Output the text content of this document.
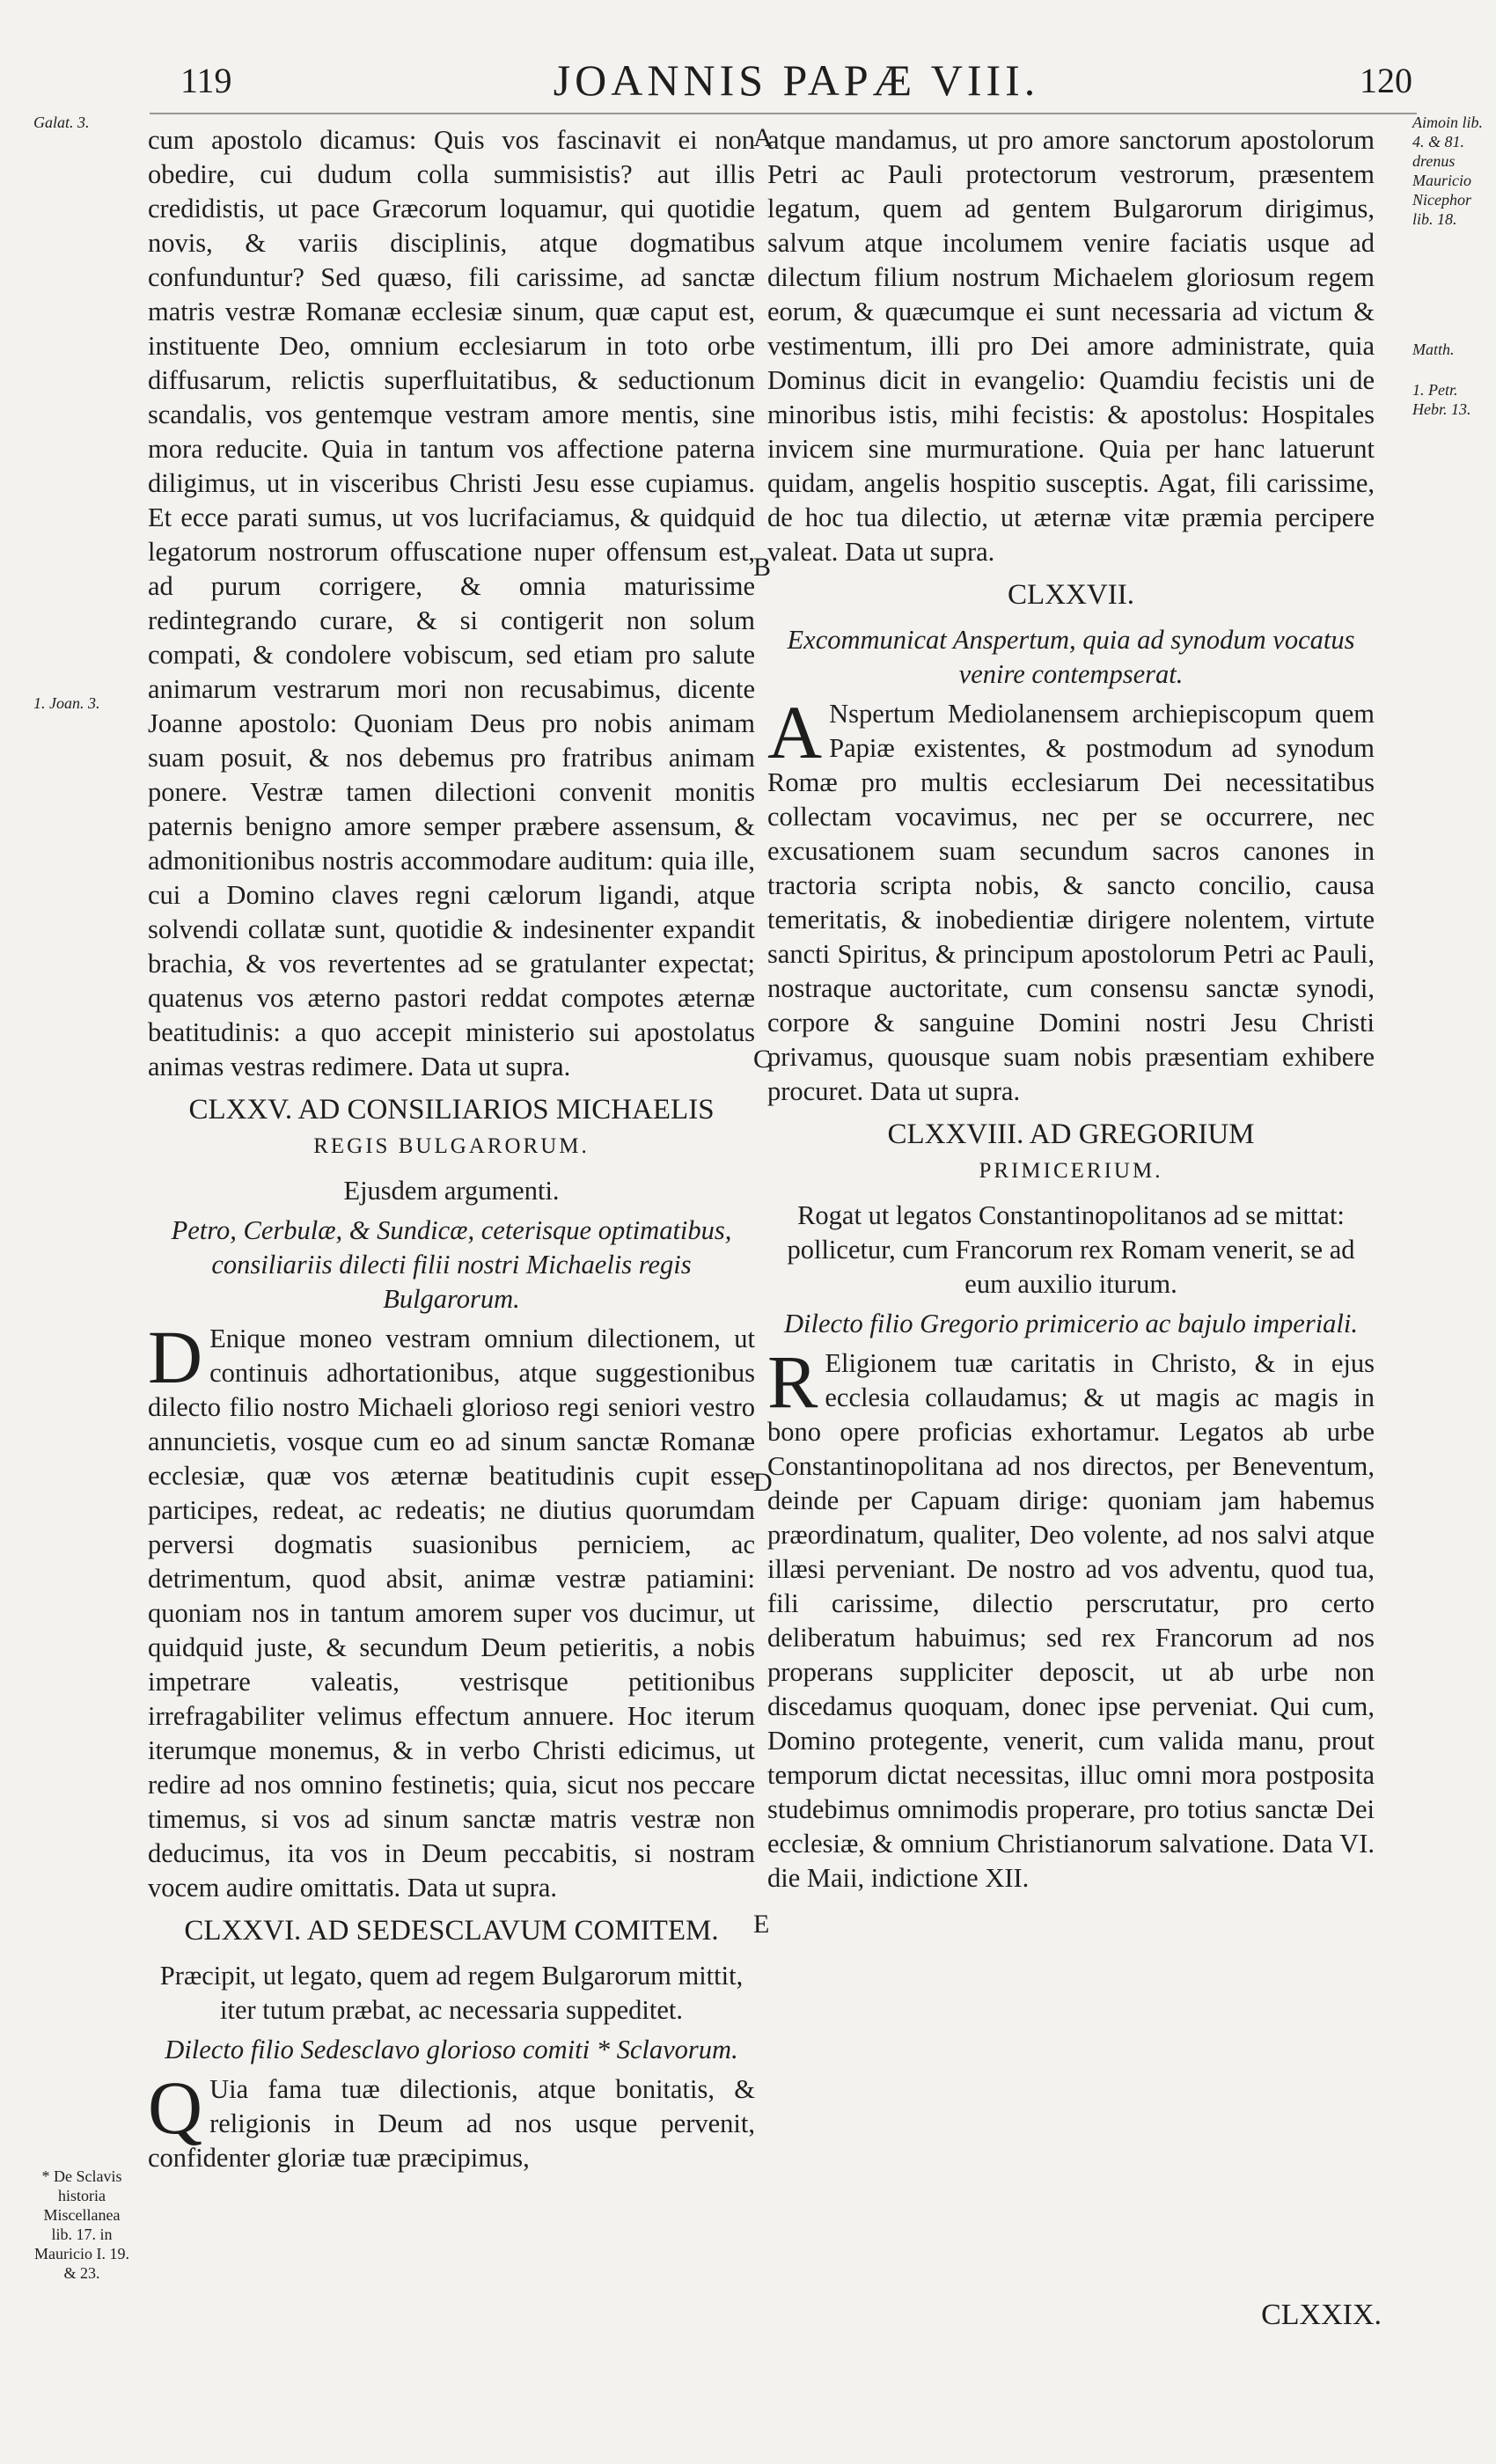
119	JOANNIS PAPÆ VIII.	120

cum apostolo dicamus: Quis vos fascinavit ei non obedire, cui dudum colla summisistis? aut illis credidistis, ut pace Græcorum loquamur, qui quotidie novis, & variis disciplinis, atque dogmatibus confunduntur? Sed quæso, fili carissime, ad sanctæ matris vestræ Romanæ ecclesiæ sinum, quæ caput est, instituente Deo, omnium ecclesiarum in toto orbe diffusarum, relictis superfluitatibus, & seductionum scandalis, vos gentemque vestram amore mentis, sine mora reducite. Quia in tantum vos affectione paterna diligimus, ut in visceribus Christi Jesu esse cupiamus. Et ecce parati sumus, ut vos lucrifaciamus, & quidquid legatorum nostrorum offuscatione nuper offensum est, ad purum corrigere, & omnia maturissime redintegrando curare, & si contigerit non solum compati, & condolere vobiscum, sed etiam pro salute animarum vestrarum mori non recusabimus, dicente Joanne apostolo: Quoniam Deus pro nobis animam suam posuit, & nos debemus pro fratribus animam ponere. Vestræ tamen dilectioni convenit monitis paternis benigno amore semper præbere assensum, & admonitionibus nostris accommodare auditum: quia ille, cui a Domino claves regni cælorum ligandi, atque solvendi collatæ sunt, quotidie & indesinenter expandit brachia, & vos revertentes ad se gratulanter expectat; quatenus vos æterno pastori reddat compotes æternæ beatitudinis: a quo accepit ministerio sui apostolatus animas vestras redimere. Data ut supra.

CLXXV. AD CONSILIARIOS MICHAELIS
REGIS BULGARORUM.

Ejusdem argumenti.

Petro, Cerbulæ, & Sundicæ, ceterisque optimatibus, consiliariis dilecti filii nostri Michaelis regis Bulgarorum.

D Enique moneo vestram omnium dilectionem, ut continuis adhortationibus, atque suggestionibus dilecto filio nostro Michaeli glorioso regi seniori vestro annuncietis, vosque cum eo ad sinum sanctæ Romanæ ecclesiæ, quæ vos æternæ beatitudinis cupit esse participes, redeat, ac redeatis; ne diutius quorumdam perversi dogmatis suasionibus perniciem, ac detrimentum, quod absit, animæ vestræ patiamini: quoniam nos in tantum amorem super vos ducimur, ut quidquid juste, & secundum Deum petieritis, a nobis impetrare valeatis, vestrisque petitionibus irrefragabiliter velimus effectum annuere. Hoc iterum iterumque monemus, & in verbo Christi edicimus, ut redire ad nos omnino festinetis; quia, sicut nos peccare timemus, si vos ad sinum sanctæ matris vestræ non deducimus, ita vos in Deum peccabitis, si nostram vocem audire omittatis. Data ut supra.

CLXXVI. AD SEDESCLAVUM COMITEM.

Præcipit, ut legato, quem ad regem Bulgarorum mittit, iter tutum præbat, ac necessaria suppeditet.

Dilecto filio Sedesclavo glorioso comiti * Sclavorum.

Q Uia fama tuæ dilectionis, atque bonitatis, & religionis in Deum ad nos usque pervenit, confidenter gloriæ tuæ præcipimus,

atque mandamus, ut pro amore sanctorum apostolorum Petri ac Pauli protectorum vestrorum, præsentem legatum, quem ad gentem Bulgarorum dirigimus, salvum atque incolumem venire faciatis usque ad dilectum filium nostrum Michaelem gloriosum regem eorum, & quæcumque ei sunt necessaria ad victum & vestimentum, illi pro Dei amore administrate, quia Dominus dicit in evangelio: Quamdiu fecistis uni de minoribus istis, mihi fecistis: & apostolus: Hospitales invicem sine murmuratione. Quia per hanc latuerunt quidam, angelis hospitio susceptis. Agat, fili carissime, de hoc tua dilectio, ut æternæ vitæ præmia percipere valeat. Data ut supra.

CLXXVII.

Excommunicat Anspertum, quia ad synodum vocatus venire contempserat.

A Nspertum Mediolanensem archiepiscopum quem Papiæ existentes, & postmodum ad synodum Romæ pro multis ecclesiarum Dei necessitatibus collectam vocavimus, nec per se occurrere, nec excusationem suam secundum sacros canones in tractoria scripta nobis, & sancto concilio, causa temeritatis, & inobedientiæ dirigere nolentem, virtute sancti Spiritus, & principum apostolorum Petri ac Pauli, nostraque auctoritate, cum consensu sanctæ synodi, corpore & sanguine Domini nostri Jesu Christi privamus, quousque suam nobis præsentiam exhibere procuret. Data ut supra.

CLXXVIII. AD GREGORIUM
PRIMICERIUM.

Rogat ut legatos Constantinopolitanos ad se mittat: pollicetur, cum Francorum rex Romam venerit, se ad eum auxilio iturum.

Dilecto filio Gregorio primicerio ac bajulo imperiali.

R Eligionem tuæ caritatis in Christo, & in ejus ecclesia collaudamus; & ut magis ac magis in bono opere proficias exhortamur. Legatos ab urbe Constantinopolitana ad nos directos, per Beneventum, deinde per Capuam dirige: quoniam jam habemus præordinatum, qualiter, Deo volente, ad nos salvi atque illæsi perveniant. De nostro ad vos adventu, quod tua, fili carissime, dilectio perscrutatur, pro certo deliberatum habuimus; sed rex Francorum ad nos properans suppliciter deposcit, ut ab urbe non discedamus quoquam, donec ipse perveniat. Qui cum, Domino protegente, venerit, cum valida manu, prout temporum dictat necessitas, illuc omni mora postposita studebimus omnimodis properare, pro totius sanctæ Dei ecclesiæ, & omnium Christianorum salvatione. Data VI. die Maii, indictione XII.

A
B
C
D
E
Galat. 3.
1. Joan. 3.
* De Sclavis historia Miscellanea lib. 17. in Mauricio I. 19. & 23.
Aimoin lib. 4. & 81. drenus Mauricio Nicephor lib. 18.
Matth.
1. Petr. Hebr. 13.
CLXXIX.
